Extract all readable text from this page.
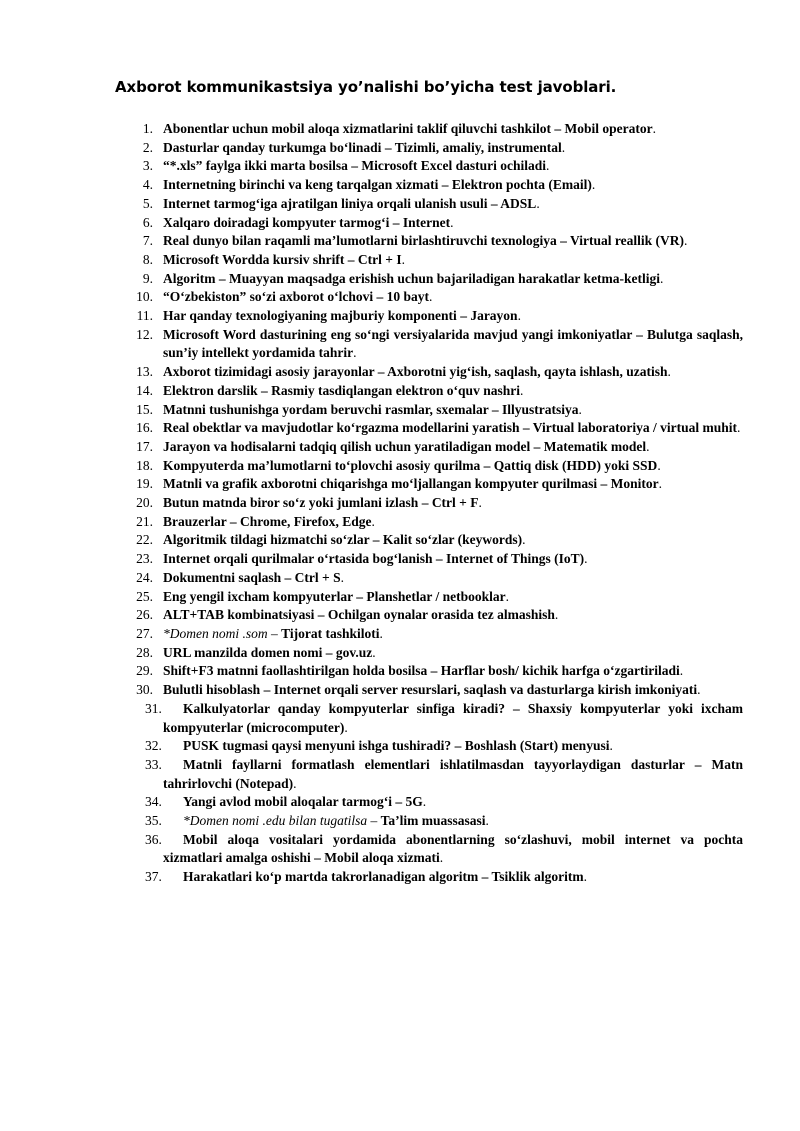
Axborot kommunikastsiya yo’nalishi bo’yicha test javoblari.
1. Abonentlar uchun mobil aloqa xizmatlarini taklif qiluvchi tashkilot – Mobil operator.
2. Dasturlar qanday turkumga bo‘linadi – Tizimli, amaliy, instrumental.
3. “*.xls” faylga ikki marta bosilsa – Microsoft Excel dasturi ochiladi.
4. Internetning birinchi va keng tarqalgan xizmati – Elektron pochta (Email).
5. Internet tarmog‘iga ajratilgan liniya orqali ulanish usuli – ADSL.
6. Xalqaro doiradagi kompyuter tarmog‘i – Internet.
7. Real dunyo bilan raqamli ma’lumotlarni birlashtiruvchi texnologiya – Virtual reallik (VR).
8. Microsoft Wordda kursiv shrift – Ctrl + I.
9. Algoritm – Muayyan maqsadga erishish uchun bajariladigan harakatlar ketma-ketligi.
10. “O‘zbekiston” so‘zi axborot o‘lchovi – 10 bayt.
11. Har qanday texnologiyaning majburiy komponenti – Jarayon.
12. Microsoft Word dasturining eng so‘ngi versiyalarida mavjud yangi imkoniyatlar – Bulutga saqlash, sun’iy intellekt yordamida tahrir.
13. Axborot tizimidagi asosiy jarayonlar – Axborotni yig‘ish, saqlash, qayta ishlash, uzatish.
14. Elektron darslik – Rasmiy tasdiqlangan elektron o‘quv nashri.
15. Matnni tushunishga yordam beruvchi rasmlar, sxemalar – Illyustratsiya.
16. Real obektlar va mavjudotlar ko‘rgazma modellarini yaratish – Virtual laboratoriya / virtual muhit.
17. Jarayon va hodisalarni tadqiq qilish uchun yaratiladigan model – Matematik model.
18. Kompyuterda ma’lumotlarni to‘plovchi asosiy qurilma – Qattiq disk (HDD) yoki SSD.
19. Matnli va grafik axborotni chiqarishga mo‘ljallangan kompyuter qurilmasi – Monitor.
20. Butun matnda biror so‘z yoki jumlani izlash – Ctrl + F.
21. Brauzerlar – Chrome, Firefox, Edge.
22. Algoritmik tildagi hizmatchi so‘zlar – Kalit so‘zlar (keywords).
23. Internet orqali qurilmalar o‘rtasida bog‘lanish – Internet of Things (IoT).
24. Dokumentni saqlash – Ctrl + S.
25. Eng yengil ixcham kompyuterlar – Planshetlar / netbooklar.
26. ALT+TAB kombinatsiyasi – Ochilgan oynalar orasida tez almashish.
27. *Domen nomi .som – Tijorat tashkiloti.
28. URL manzilda domen nomi – gov.uz.
29. Shift+F3 matnni faollashtirilgan holda bosilsa – Harflar bosh/ kichik harfga o‘zgartiriladi.
30. Bulutli hisoblash – Internet orqali server resurslari, saqlash va dasturlarga kirish imkoniyati.
31.	Kalkulyatorlar qanday kompyuterlar sinfiga kiradi? – Shaxsiy kompyuterlar yoki ixcham kompyuterlar (microcomputer).
32.	PUSK tugmasi qaysi menyuni ishga tushiradi? – Boshlash (Start) menyusi.
33.	Matnli fayllarni formatlash elementlari ishlatilmasdan tayyorlaydigan dasturlar – Matn tahrirlovchi (Notepad).
34.	Yangi avlod mobil aloqalar tarmog‘i – 5G.
35.	*Domen nomi .edu bilan tugatilsa – Ta’lim muassasasi.
36.	Mobil aloqa vositalari yordamida abonentlarning so‘zlashuvi, mobil internet va pochta xizmatlari amalga oshishi – Mobil aloqa xizmati.
37.	Harakatlari ko‘p martda takrorlanadigan algoritm – Tsiklik algoritm.
